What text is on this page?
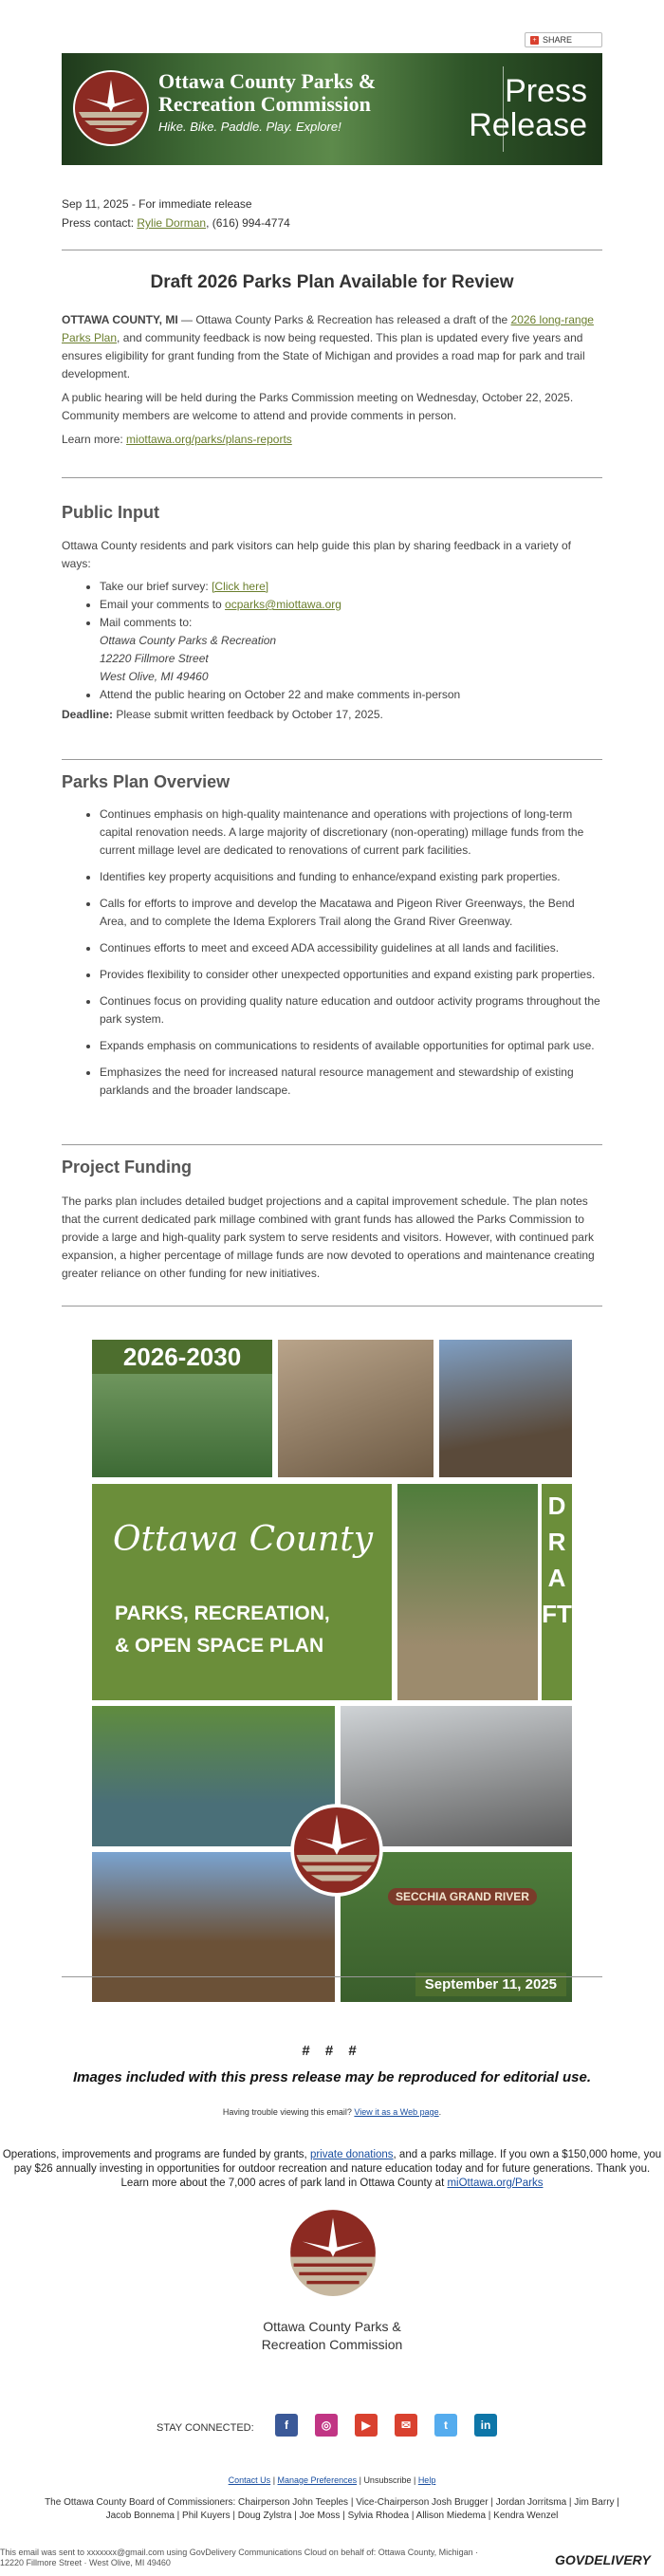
+ SHARE
Ottawa County Parks &
Recreation Commission
Hike. Bike. Paddle. Play. Explore!
Press
Release

Sep 11, 2025 - For immediate release

Press contact: Rylie Dorman, (616) 994-4774

Draft 2026 Parks Plan Available for Review

OTTAWA COUNTY, MI — Ottawa County Parks & Recreation has released a draft of the 2026 long-range Parks Plan, and community feedback is now being requested. This plan is updated every five years and ensures eligibility for grant funding from the State of Michigan and provides a road map for park and trail development.

A public hearing will be held during the Parks Commission meeting on Wednesday, October 22, 2025. Community members are welcome to attend and provide comments in person.

Learn more: miottawa.org/parks/plans-reports

Public Input

Ottawa County residents and park visitors can help guide this plan by sharing feedback in a variety of ways:

• Take our brief survey: [Click here]
• Email your comments to ocparks@miottawa.org
• Mail comments to:
Ottawa County Parks & Recreation
12220 Fillmore Street
West Olive, MI 49460
• Attend the public hearing on October 22 and make comments in-person

Deadline: Please submit written feedback by October 17, 2025.

Parks Plan Overview
• Continues emphasis on high-quality maintenance and operations with projections of long-term capital renovation needs. A large majority of discretionary (non-operating) millage funds from the current millage level are dedicated to renovations of current park facilities.
• Identifies key property acquisitions and funding to enhance/expand existing park properties.
• Calls for efforts to improve and develop the Macatawa and Pigeon River Greenways, the Bend Area, and to complete the Idema Explorers Trail along the Grand River Greenway.
• Continues efforts to meet and exceed ADA accessibility guidelines at all lands and facilities.
• Provides flexibility to consider other unexpected opportunities and expand existing park properties.
• Continues focus on providing quality nature education and outdoor activity programs throughout the park system.
• Expands emphasis on communications to residents of available opportunities for optimal park use.
• Emphasizes the need for increased natural resource management and stewardship of existing parklands and the broader landscape.
Project Funding

The parks plan includes detailed budget projections and a capital improvement schedule. The plan notes that the current dedicated park millage combined with grant funds has allowed the Parks Commission to provide a large and high-quality park system to serve residents and visitors. However, with continued park expansion, a higher percentage of millage funds are now devoted to operations and maintenance creating greater reliance on other funding for new initiatives.

2026-2030
Ottawa County
PARKS, RECREATION,
& OPEN SPACE PLAN
DRAFT
SECCHIA GRAND RIVER
September 11, 2025
# # #
Images included with this press release may be reproduced for editorial use.
Having trouble viewing this email? View it as a Web page.
Operations, improvements and programs are funded by grants, private donations, and a parks millage. If you own a $150,000 home, you pay $26 annually investing in opportunities for outdoor recreation and nature education today and for future generations. Thank you. Learn more about the 7,000 acres of park land in Ottawa County at miOttawa.org/Parks
Ottawa County Parks &
Recreation Commission
STAY CONNECTED:	f	◎	▶	✉	t	in
Contact Us | Manage Preferences | Unsubscribe | Help
The Ottawa County Board of Commissioners: Chairperson John Teeples | Vice-Chairperson Josh Brugger | Jordan Jorritsma | Jim Barry |
Jacob Bonnema | Phil Kuyers | Doug Zylstra | Joe Moss | Sylvia Rhodea | Allison Miedema | Kendra Wenzel
This email was sent to xxxxxxx@gmail.com using GovDelivery Communications Cloud on behalf of: Ottawa County, Michigan ·
12220 Fillmore Street · West Olive, MI 49460	GOVDELIVERY
